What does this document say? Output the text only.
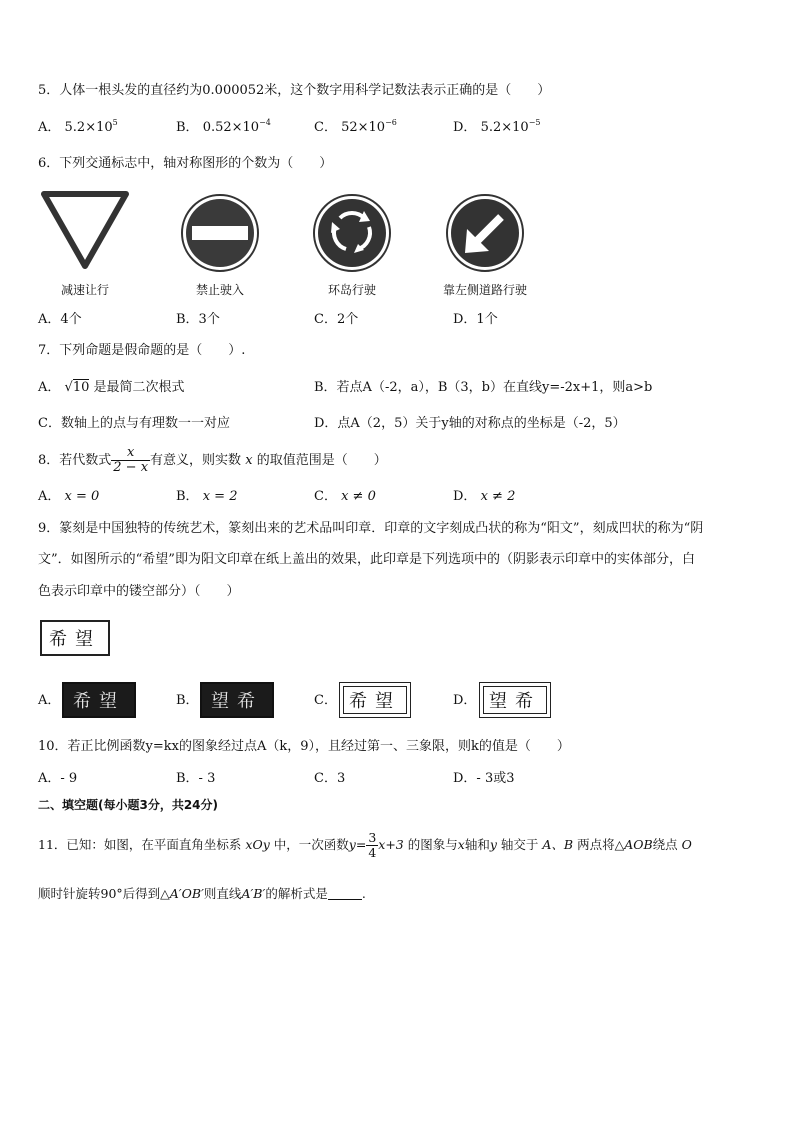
5．人体一根头发的直径约为0.000052米，这个数字用科学记数法表示正确的是（　　）
A． $5.2\times 10^5$	B． $0.52\times 10^{-4}$	C． $52\times 10^{-6}$	D． $5.2\times 10^{-5}$
6．下列交通标志中，轴对称图形的个数为（　　）
减速让行	禁止驶入	环岛行驶	靠左侧道路行驶
A．4个	B．3个	C．2个	D．1个
7．下列命题是假命题的是（　　）.
A． √10 是最简二次根式	B．若点A（-2，a），B（3，b）在直线y=-2x+1，则a>b
C．数轴上的点与有理数一一对应	D．点A（2，5）关于y轴的对称点的坐标是（-2，5）
8．若代数式 $\frac{x}{2 - x}$ 有意义，则实数 x 的取值范围是（　　）
A． x = 0	B． x = 2	C． x ≠ 0	D． x ≠ 2
9．篆刻是中国独特的传统艺术，篆刻出来的艺术品叫印章．印章的文字刻成凸状的称为“阳文”，刻成凹状的称为“阴
文”．如图所示的“希望”即为阳文印章在纸上盖出的效果，此印章是下列选项中的（阴影表示印章中的实体部分，白
色表示印章中的镂空部分）（　　）
希望
A． 希望	B． 望希	C． 希望	D． 望希
10．若正比例函数y=kx的图象经过点A（k，9），且经过第一、三象限，则k的值是（　　）
A．- 9	B．- 3	C．3	D．- 3或3
二、填空题(每小题3分，共24分)
11．已知：如图，在平面直角坐标系 xOy 中，一次函数$y= \frac{3}{4} x+3$ 的图象与x轴和y 轴交于 A、B 两点将△AOB绕点 O
顺时针旋转90°后得到△A′OB′则直线A′B′的解析式是	.
